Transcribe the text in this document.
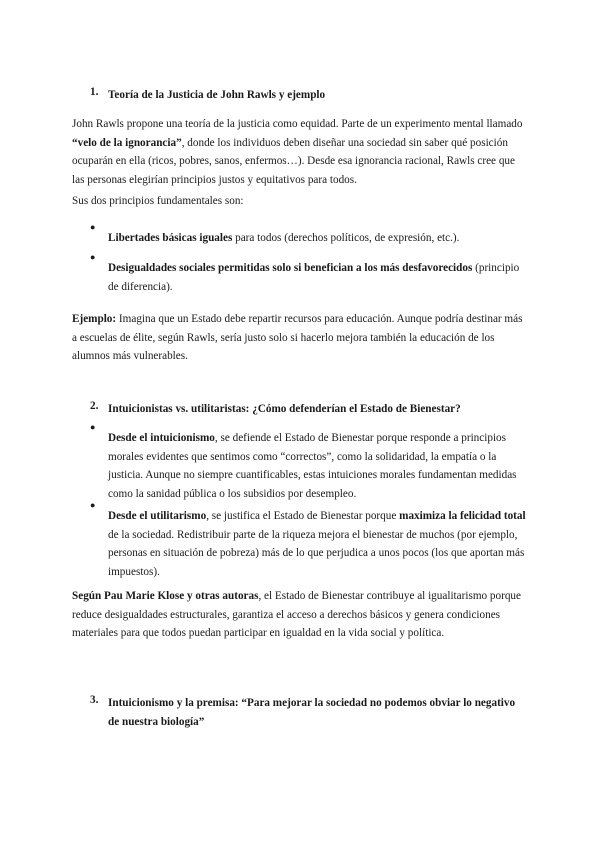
1. Teoría de la Justicia de John Rawls y ejemplo

John Rawls propone una teoría de la justicia como equidad. Parte de un experimento mental llamado “velo de la ignorancia”, donde los individuos deben diseñar una sociedad sin saber qué posición ocuparán en ella (ricos, pobres, sanos, enfermos…). Desde esa ignorancia racional, Rawls cree que las personas elegirían principios justos y equitativos para todos.

Sus dos principios fundamentales son:

●

Libertades básicas iguales para todos (derechos políticos, de expresión, etc.).

●

Desigualdades sociales permitidas solo si benefician a los más desfavorecidos (principio de diferencia).

Ejemplo: Imagina que un Estado debe repartir recursos para educación. Aunque podría destinar más a escuelas de élite, según Rawls, sería justo solo si hacerlo mejora también la educación de los alumnos más vulnerables.

2. Intuicionistas vs. utilitaristas: ¿Cómo defenderían el Estado de Bienestar?
●

Desde el intuicionismo, se defiende el Estado de Bienestar porque responde a principios morales evidentes que sentimos como “correctos”, como la solidaridad, la empatía o la justicia. Aunque no siempre cuantificables, estas intuiciones morales fundamentan medidas como la sanidad pública o los subsidios por desempleo.

●

Desde el utilitarismo, se justifica el Estado de Bienestar porque maximiza la felicidad total de la sociedad. Redistribuir parte de la riqueza mejora el bienestar de muchos (por ejemplo, personas en situación de pobreza) más de lo que perjudica a unos pocos (los que aportan más impuestos).

Según Pau Marie Klose y otras autoras, el Estado de Bienestar contribuye al igualitarismo porque reduce desigualdades estructurales, garantiza el acceso a derechos básicos y genera condiciones materiales para que todos puedan participar en igualdad en la vida social y política.

3. Intuicionismo y la premisa: “Para mejorar la sociedad no podemos obviar lo negativo de nuestra biología”
